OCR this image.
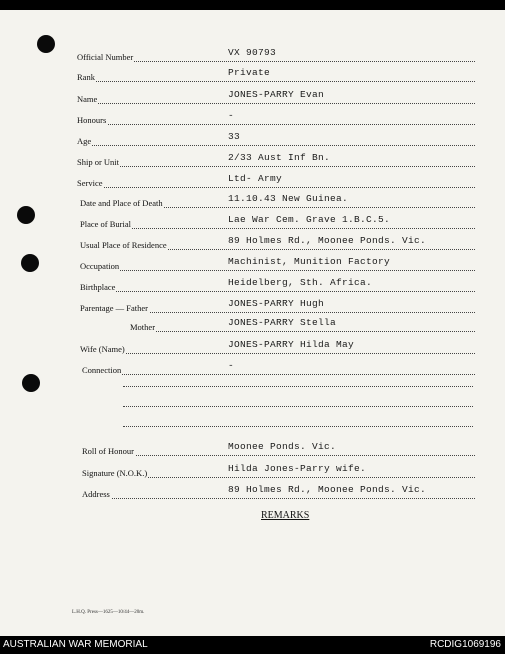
Official Number	VX 90793
Rank	Private
Name	JONES-PARRY Evan
Honours	-
Age	33
Ship or Unit	2/33 Aust Inf Bn.
Service	Ltd- Army
Date and Place of Death	11.10.43 New Guinea.
Place of Burial	Lae War Cem. Grave 1.B.C.5.
Usual Place of Residence	89 Holmes Rd., Moonee Ponds. Vic.
Occupation	Machinist, Munition Factory
Birthplace	Heidelberg, Sth. Africa.
Parentage — Father	JONES-PARRY Hugh
Mother	JONES-PARRY Stella
Wife (Name)	JONES-PARRY Hilda May
Connection	-
Roll of Honour	Moonee Ponds. Vic.
Signature (N.O.K.)	Hilda Jones-Parry wife.
Address	89 Holmes Rd., Moonee Ponds. Vic.
REMARKS
L.H.Q. Press—1625—10/44—20m.
AUSTRALIAN WAR MEMORIAL	RCDIG1069196
